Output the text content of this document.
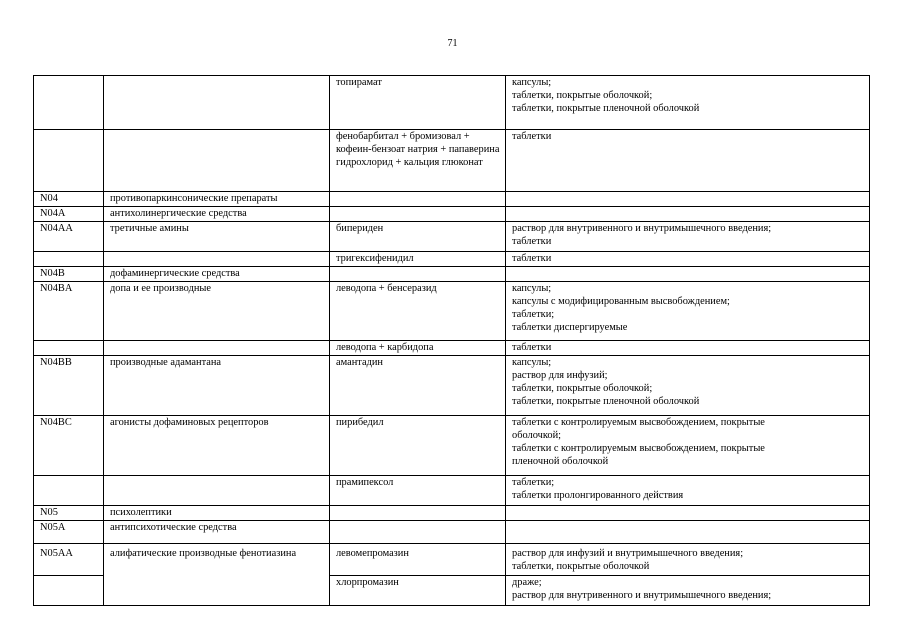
71
		топирамат	капсулы;
таблетки, покрытые оболочкой;
таблетки, покрытые пленочной оболочкой

		фенобарбитал + бромизовал + кофеин-бензоат натрия + папаверина гидрохлорид + кальция глюконат	таблетки

N04	противопаркинсонические препараты		
N04A	антихолинергические средства		
N04AA	третичные амины	бипериден	раствор для внутривенного и внутримышечного введения;
таблетки

		тригексифенидил	таблетки

N04B	дофаминергические средства		
N04BA	допа и ее производные	леводопа + бенсеразид	капсулы;
капсулы с модифицированным высвобождением;
таблетки;
таблетки диспергируемые

		леводопа + карбидопа	таблетки

N04BB	производные адамантана	амантадин	капсулы;
раствор для инфузий;
таблетки, покрытые оболочкой;
таблетки, покрытые пленочной оболочкой

N04BC	агонисты дофаминовых рецепторов	пирибедил	таблетки с контролируемым высвобождением, покрытые
оболочкой;
таблетки с контролируемым высвобождением, покрытые
пленочной оболочкой

		прамипексол	таблетки;
таблетки пролонгированного действия

N05	психолептики		
N05A	антипсихотические средства		
N05AA	алифатические производные фенотиазина	левомепромазин	раствор для инфузий и внутримышечного введения;
таблетки, покрытые оболочкой

		хлорпромазин	драже;
раствор для внутривенного и внутримышечного введения;
